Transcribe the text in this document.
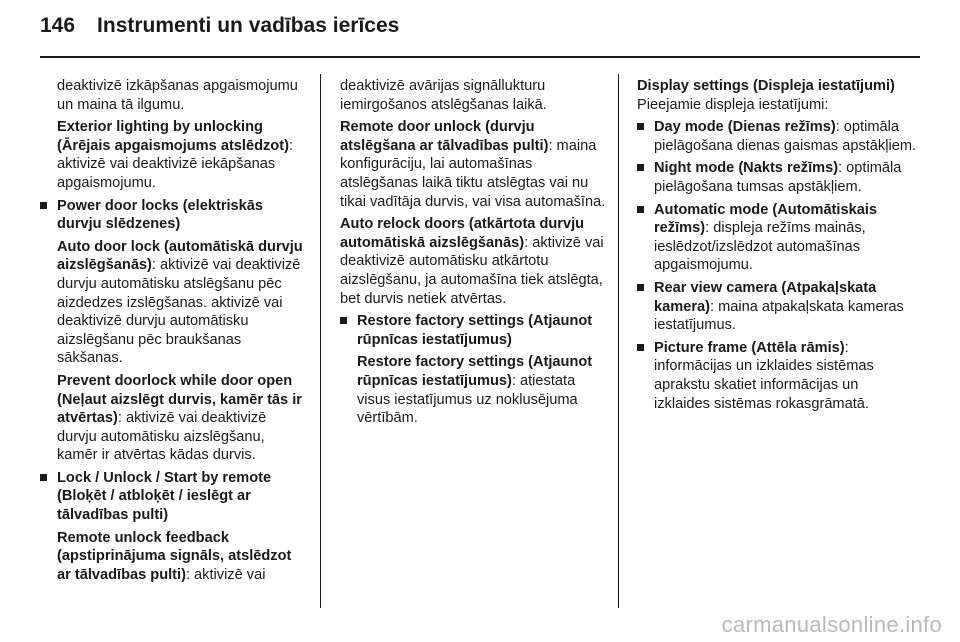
146 Instrumenti un vadības ierīces

deaktivizē izkāpšanas apgaismojumu un maina tā ilgumu.

Exterior lighting by unlocking (Ārējais apgaismojums atslēdzot): aktivizē vai deaktivizē iekāpšanas apgaismojumu.

Power door locks (elektriskās durvju slēdzenes)

Auto door lock (automātiskā durvju aizslēgšanās): aktivizē vai deaktivizē durvju automātisku atslēgšanu pēc aizdedzes izslēgšanas. aktivizē vai deaktivizē durvju automātisku aizslēgšanu pēc braukšanas sākšanas.

Prevent doorlock while door open (Neļaut aizslēgt durvis, kamēr tās ir atvērtas): aktivizē vai deaktivizē durvju automātisku aizslēgšanu, kamēr ir atvērtas kādas durvis.

Lock / Unlock / Start by remote (Bloķēt / atbloķēt / ieslēgt ar tālvadības pulti)

Remote unlock feedback (apstiprinājuma signāls, atslēdzot ar tālvadības pulti): aktivizē vai

deaktivizē avārijas signāllukturu iemirgošanos atslēgšanas laikā.

Remote door unlock (durvju atslēgšana ar tālvadības pulti): maina konfigurāciju, lai automašīnas atslēgšanas laikā tiktu atslēgtas vai nu tikai vadītāja durvis, vai visa automašīna.

Auto relock doors (atkārtota durvju automātiskā aizslēgšanās): aktivizē vai deaktivizē automātisku atkārtotu aizslēgšanu, ja automašīna tiek atslēgta, bet durvis netiek atvērtas.

Restore factory settings (Atjaunot rūpnīcas iestatījumus)

Restore factory settings (Atjaunot rūpnīcas iestatījumus): atiestata visus iestatījumus uz noklusējuma vērtībām.

Display settings (Displeja iestatījumi)

Pieejamie displeja iestatījumi:

Day mode (Dienas režīms): optimāla pielāgošana dienas gaismas apstākļiem.
Night mode (Nakts režīms): optimāla pielāgošana tumsas apstākļiem.
Automatic mode (Automātiskais režīms): displeja režīms mainās, ieslēdzot/izslēdzot automašīnas apgaismojumu.
Rear view camera (Atpakaļskata kamera): maina atpakaļskata kameras iestatījumus.
Picture frame (Attēla rāmis): informācijas un izklaides sistēmas aprakstu skatiet informācijas un izklaides sistēmas rokasgrāmatā.
carmanualsonline.info
